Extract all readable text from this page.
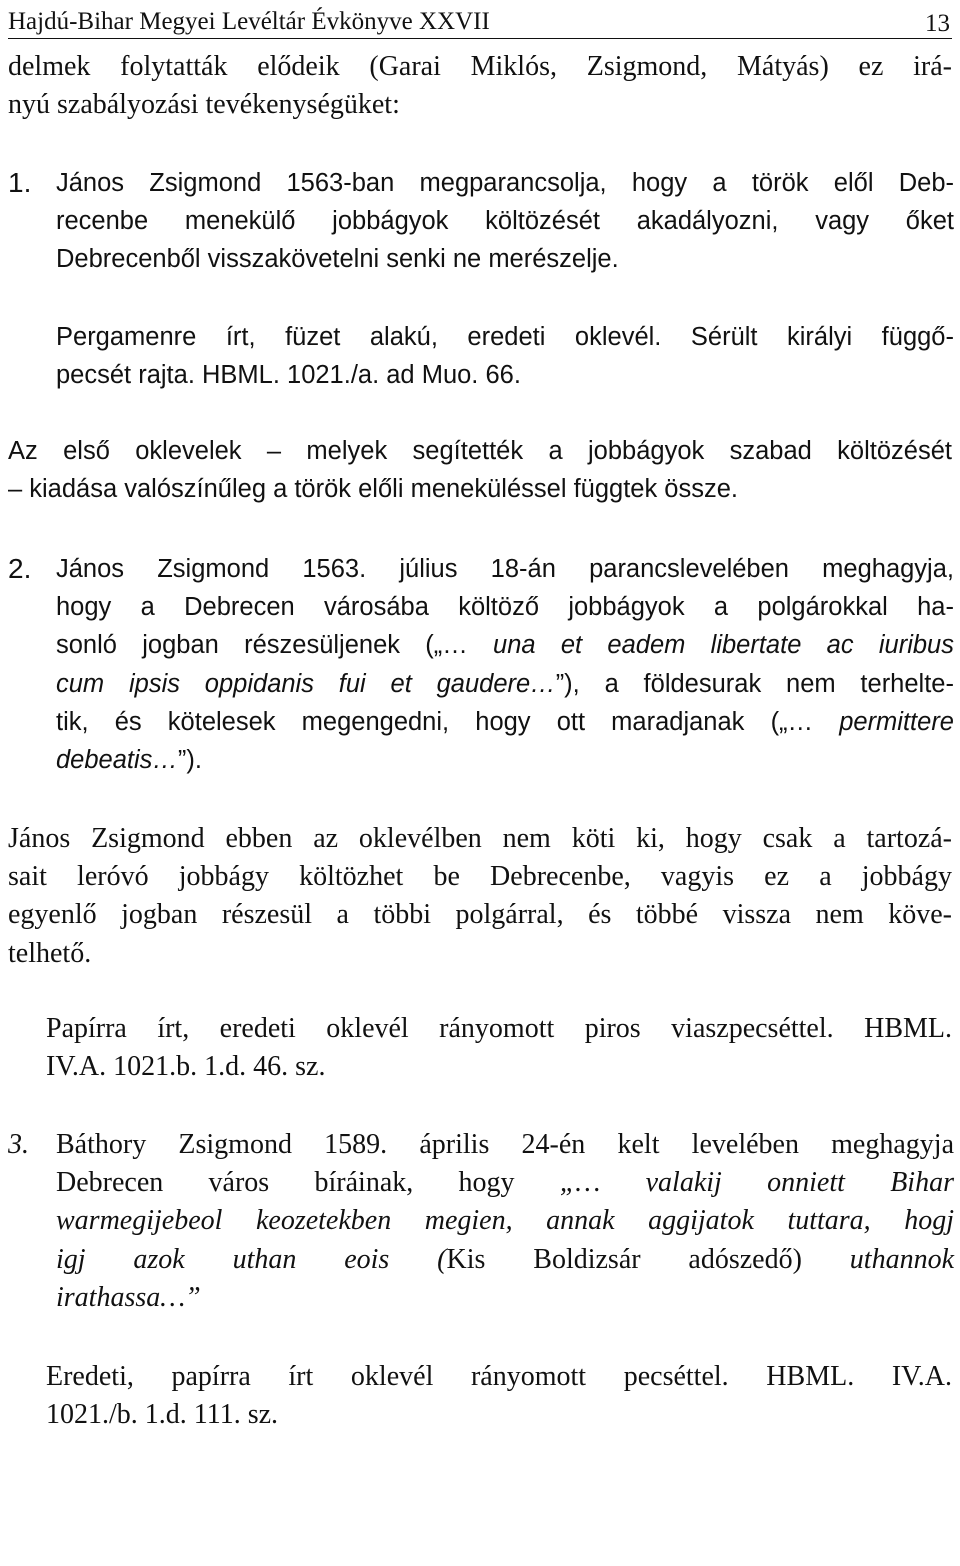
Hajdú-Bihar Megyei Levéltár Évkönyve XXVII	13
delmek folytatták elődeik (Garai Miklós, Zsigmond, Mátyás) ez irá-
nyú szabályozási tevékenységüket:
1. János Zsigmond 1563-ban megparancsolja, hogy a török elől Deb-
recenbe menekülő jobbágyok költözését akadályozni, vagy őket
Debrecenből visszakövetelni senki ne merészelje.
Pergamenre írt, füzet alakú, eredeti oklevél. Sérült királyi függő-
pecsét rajta. HBML. 1021./a. ad Muo. 66.
Az első oklevelek – melyek segítették a jobbágyok szabad költözését
– kiadása valószínűleg a török előli meneküléssel függtek össze.
2. János Zsigmond 1563. július 18-án parancslevelében meghagyja,
hogy a Debrecen városába költöző jobbágyok a polgárokkal ha-
sonló jogban részesüljenek („… una et eadem libertate ac iuribus
cum ipsis oppidanis fui et gaudere…”), a földesurak nem terhelte-
tik, és kötelesek megengedni, hogy ott maradjanak („… permittere
debeatis…”).
János Zsigmond ebben az oklevélben nem köti ki, hogy csak a tartozá-
sait leróvó jobbágy költözhet be Debrecenbe, vagyis ez a jobbágy
egyenlő jogban részesül a többi polgárral, és többé vissza nem köve-
telhető.
Papírra írt, eredeti oklevél rányomott piros viaszpecséttel. HBML.
IV.A. 1021.b. 1.d. 46. sz.
3. Báthory Zsigmond 1589. április 24-én kelt levelében meghagyja
Debrecen város bíráinak, hogy „… valakij onniett Bihar
warmegijebeol keozetekben megien, annak aggijatok tuttara, hogj
igj azok uthan eois (Kis Boldizsár adószedő) uthannok
irathassa…”
Eredeti, papírra írt oklevél rányomott pecséttel. HBML. IV.A.
1021./b. 1.d. 111. sz.
